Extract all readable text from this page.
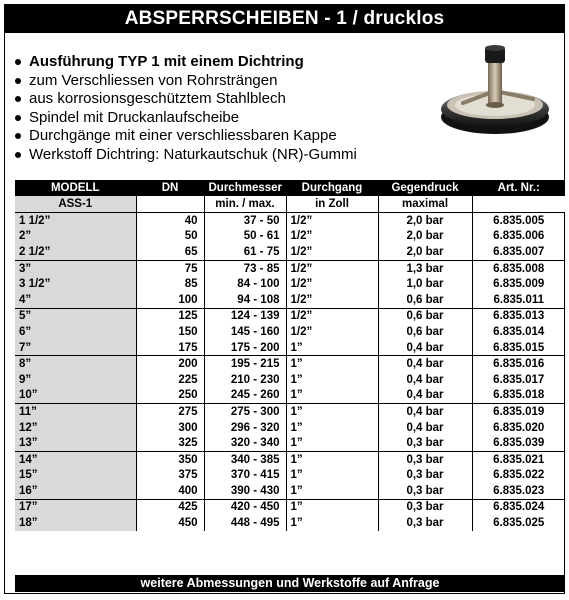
ABSPERRSCHEIBEN - 1 / drucklos
Ausführung TYP 1 mit einem Dichtring
zum Verschliessen von Rohrsträngen
aus korrosionsgeschütztem Stahlblech
Spindel mit Druckanlaufscheibe
Durchgänge mit einer verschliessbaren Kappe
Werkstoff Dichtring: Naturkautschuk (NR)-Gummi
MODELL	DN	Durchmesser	Durchgang	Gegendruck	Art. Nr.:
ASS-1		min. / max.	in Zoll	maximal	
1 1/2”	40	37 - 50	1/2”	2,0 bar	6.835.005
2”	50	50 - 61	1/2”	2,0 bar	6.835.006
2 1/2”	65	61 - 75	1/2”	2,0 bar	6.835.007
3”	75	73 - 85	1/2”	1,3 bar	6.835.008
3 1/2”	85	84 - 100	1/2”	1,0 bar	6.835.009
4”	100	94 - 108	1/2”	0,6 bar	6.835.011
5”	125	124 - 139	1/2”	0,6 bar	6.835.013
6”	150	145 - 160	1/2”	0,6 bar	6.835.014
7”	175	175 - 200	1”	0,4 bar	6.835.015
8”	200	195 - 215	1”	0,4 bar	6.835.016
9”	225	210 - 230	1”	0,4 bar	6.835.017
10”	250	245 - 260	1”	0,4 bar	6.835.018
11”	275	275 - 300	1”	0,4 bar	6.835.019
12”	300	296 - 320	1”	0,4 bar	6.835.020
13”	325	320 - 340	1”	0,3 bar	6.835.039
14”	350	340 - 385	1”	0,3 bar	6.835.021
15”	375	370 - 415	1”	0,3 bar	6.835.022
16”	400	390 - 430	1”	0,3 bar	6.835.023
17”	425	420 - 450	1”	0,3 bar	6.835.024
18”	450	448 - 495	1”	0,3 bar	6.835.025
weitere Abmessungen und Werkstoffe auf Anfrage
